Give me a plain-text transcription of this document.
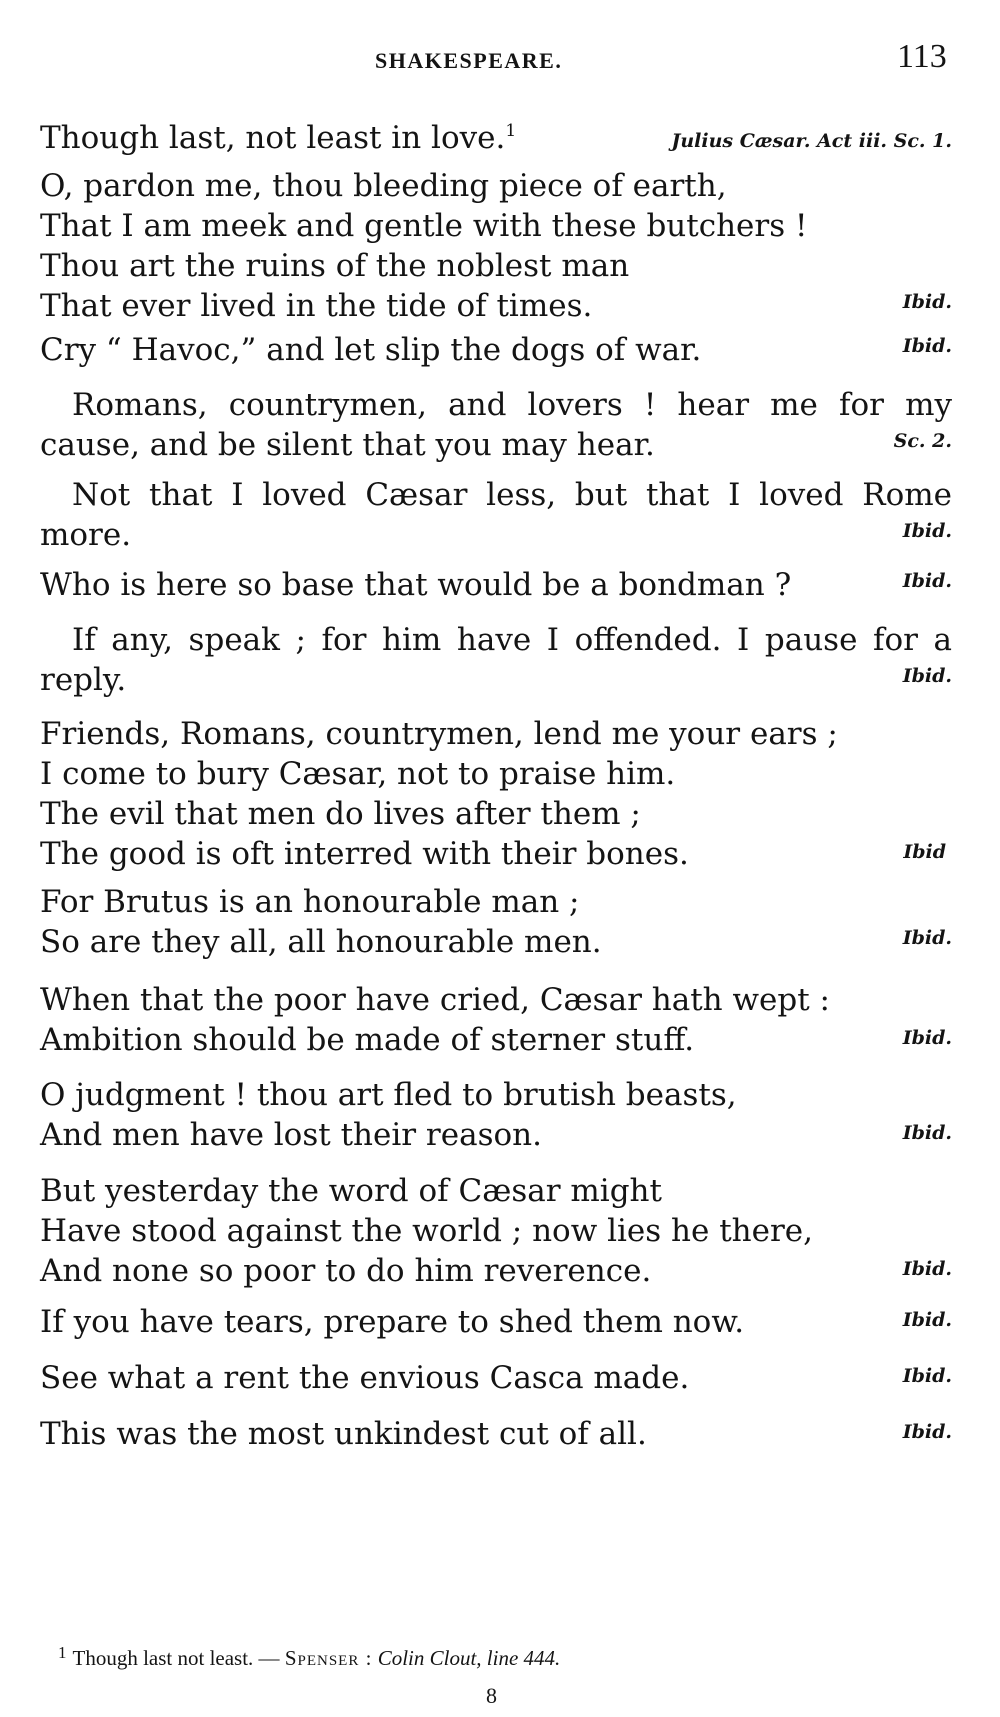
SHAKESPEARE.	113
Though last, not least in love.$^1$	Julius Cæsar. Act iii. Sc. 1.
O, pardon me, thou bleeding piece of earth,
That I am meek and gentle with these butchers !
Thou art the ruins of the noblest man
That ever lived in the tide of times.	Ibid.
Cry “ Havoc,” and let slip the dogs of war.	Ibid.
Romans, countrymen, and lovers ! hear me for my cause, and be silent that you may hear.	Sc. 2.
Not that I loved Cæsar less, but that I loved Rome more.	Ibid.
Who is here so base that would be a bondman ?	Ibid.
If any, speak ; for him have I offended. I pause for a reply.	Ibid.
Friends, Romans, countrymen, lend me your ears ;
I come to bury Cæsar, not to praise him.
The evil that men do lives after them ;
The good is oft interred with their bones.	Ibid
For Brutus is an honourable man ;
So are they all, all honourable men.	Ibid.
When that the poor have cried, Cæsar hath wept :
Ambition should be made of sterner stuff.	Ibid.
O judgment ! thou art fled to brutish beasts,
And men have lost their reason.	Ibid.
But yesterday the word of Cæsar might
Have stood against the world ; now lies he there,
And none so poor to do him reverence.	Ibid.
If you have tears, prepare to shed them now.	Ibid.
See what a rent the envious Casca made.	Ibid.
This was the most unkindest cut of all.	Ibid.
$^1$ Though last not least. — Spenser : Colin Clout, line 444.
8
